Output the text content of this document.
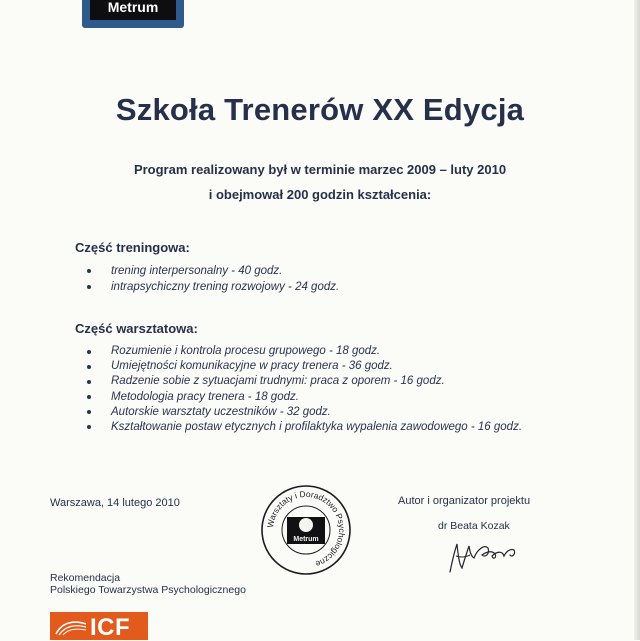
Metrum
Szkoła Trenerów XX Edycja
Program realizowany był w terminie marzec 2009 – luty 2010
i obejmował 200 godzin kształcenia:
Część treningowa:
trening interpersonalny - 40 godz.
intrapsychiczny trening rozwojowy - 24 godz.
Część warsztatowa:
Rozumienie i kontrola procesu grupowego - 18 godz.
Umiejętności komunikacyjne w pracy trenera - 36 godz.
Radzenie sobie z sytuacjami trudnymi: praca z oporem - 16 godz.
Metodologia pracy trenera - 18 godz.
Autorskie warsztaty uczestników - 32 godz.
Kształtowanie postaw etycznych i profilaktyka wypalenia zawodowego - 16 godz.
Warszawa, 14 lutego 2010
Warsztaty i Doradztwo Psychologiczne
Metrum
Autor i organizator projektu
dr Beata Kozak
Rekomendacja
Polskiego Towarzystwa Psychologicznego
ICF
